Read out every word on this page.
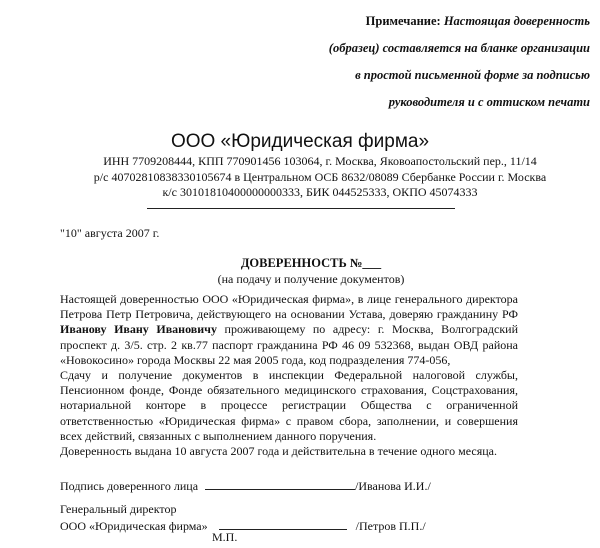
Примечание: Настоящая доверенность
(образец) составляется на бланке организации
в простой письменной форме за подписью
руководителя и с оттиском печати
ООО «Юридическая фирма»
ИНН 7709208444, КПП 770901456 103064, г. Москва, Яковоапостольский пер., 11/14
р/с 40702810838330105674 в Центральном ОСБ 8632/08089 Сбербанке России г. Москва
к/с 30101810400000000333, БИК 044525333, ОКПО 45074333
"10" августа 2007 г.
ДОВЕРЕННОСТЬ №___
(на подачу и получение документов)

Настоящей доверенностью ООО «Юридическая фирма», в лице генерального директора Петрова Петр Петровича, действующего на основании Устава, доверяю гражданину РФ Иванову Ивану Ивановичу проживающему по адресу: г. Москва, Волгоградский проспект д. 3/5. стр. 2 кв.77 паспорт гражданина РФ 46 09 532368, выдан ОВД района «Новокосино» города Москвы 22 мая 2005 года, код подразделения 774-056,

Сдачу и получение документов в инспекции Федеральной налоговой службы, Пенсионном фонде, Фонде обязательного медицинского страхования, Соцстрахования, нотариальной конторе в процессе регистрации Общества с ограниченной ответственностью «Юридическая фирма» с правом сбора, заполнении, и совершения всех действий, связанных с выполнением данного поручения.

Доверенность выдана 10 августа 2007 года и действительна в течение одного месяца.

Подпись доверенного лица	/Иванова И.И./
Генеральный директор
ООО «Юридическая фирма»	/Петров П.П./
М.П.
